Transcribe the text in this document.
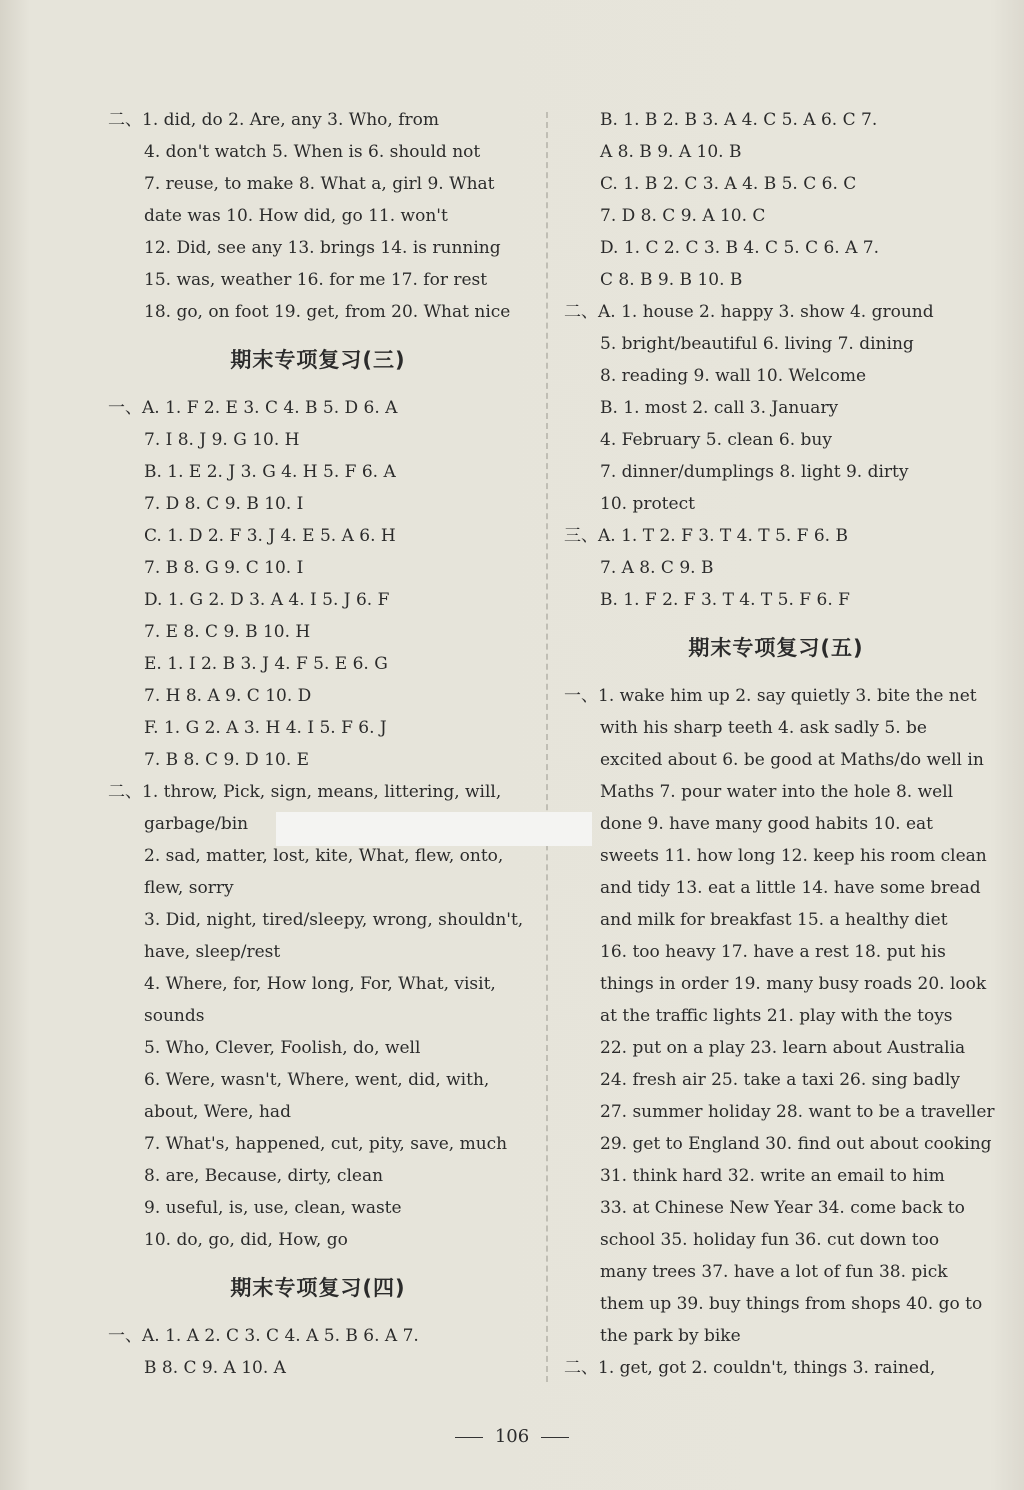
二、1. did, do 2. Are, any 3. Who, from
4. don't watch 5. When is 6. should not
7. reuse, to make 8. What a, girl 9. What
date was 10. How did, go 11. won't
12. Did, see any 13. brings 14. is running
15. was, weather 16. for me 17. for rest
18. go, on foot 19. get, from 20. What nice
期末专项复习(三)
一、A. 1. F 2. E 3. C 4. B 5. D 6. A
7. I 8. J 9. G 10. H
B. 1. E 2. J 3. G 4. H 5. F 6. A
7. D 8. C 9. B 10. I
C. 1. D 2. F 3. J 4. E 5. A 6. H
7. B 8. G 9. C 10. I
D. 1. G 2. D 3. A 4. I 5. J 6. F
7. E 8. C 9. B 10. H
E. 1. I 2. B 3. J 4. F 5. E 6. G
7. H 8. A 9. C 10. D
F. 1. G 2. A 3. H 4. I 5. F 6. J
7. B 8. C 9. D 10. E
二、1. throw, Pick, sign, means, littering, will,
garbage/bin
2. sad, matter, lost, kite, What, flew, onto,
flew, sorry
3. Did, night, tired/sleepy, wrong, shouldn't,
have, sleep/rest
4. Where, for, How long, For, What, visit,
sounds
5. Who, Clever, Foolish, do, well
6. Were, wasn't, Where, went, did, with,
about, Were, had
7. What's, happened, cut, pity, save, much
8. are, Because, dirty, clean
9. useful, is, use, clean, waste
10. do, go, did, How, go
期末专项复习(四)
一、A. 1. A 2. C 3. C 4. A 5. B 6. A 7.
B 8. C 9. A 10. A
B. 1. B 2. B 3. A 4. C 5. A 6. C 7.
A 8. B 9. A 10. B
C. 1. B 2. C 3. A 4. B 5. C 6. C
7. D 8. C 9. A 10. C
D. 1. C 2. C 3. B 4. C 5. C 6. A 7.
C 8. B 9. B 10. B
二、A. 1. house 2. happy 3. show 4. ground
5. bright/beautiful 6. living 7. dining
8. reading 9. wall 10. Welcome
B. 1. most 2. call 3. January
4. February 5. clean 6. buy
7. dinner/dumplings 8. light 9. dirty
10. protect
三、A. 1. T 2. F 3. T 4. T 5. F 6. B
7. A 8. C 9. B
B. 1. F 2. F 3. T 4. T 5. F 6. F
期末专项复习(五)
一、1. wake him up 2. say quietly 3. bite the net
with his sharp teeth 4. ask sadly 5. be
excited about 6. be good at Maths/do well in
Maths 7. pour water into the hole 8. well
done 9. have many good habits 10. eat
sweets 11. how long 12. keep his room clean
and tidy 13. eat a little 14. have some bread
and milk for breakfast 15. a healthy diet
16. too heavy 17. have a rest 18. put his
things in order 19. many busy roads 20. look
at the traffic lights 21. play with the toys
22. put on a play 23. learn about Australia
24. fresh air 25. take a taxi 26. sing badly
27. summer holiday 28. want to be a traveller
29. get to England 30. find out about cooking
31. think hard 32. write an email to him
33. at Chinese New Year 34. come back to
school 35. holiday fun 36. cut down too
many trees 37. have a lot of fun 38. pick
them up 39. buy things from shops 40. go to
the park by bike
二、1. get, got 2. couldn't, things 3. rained,
106
